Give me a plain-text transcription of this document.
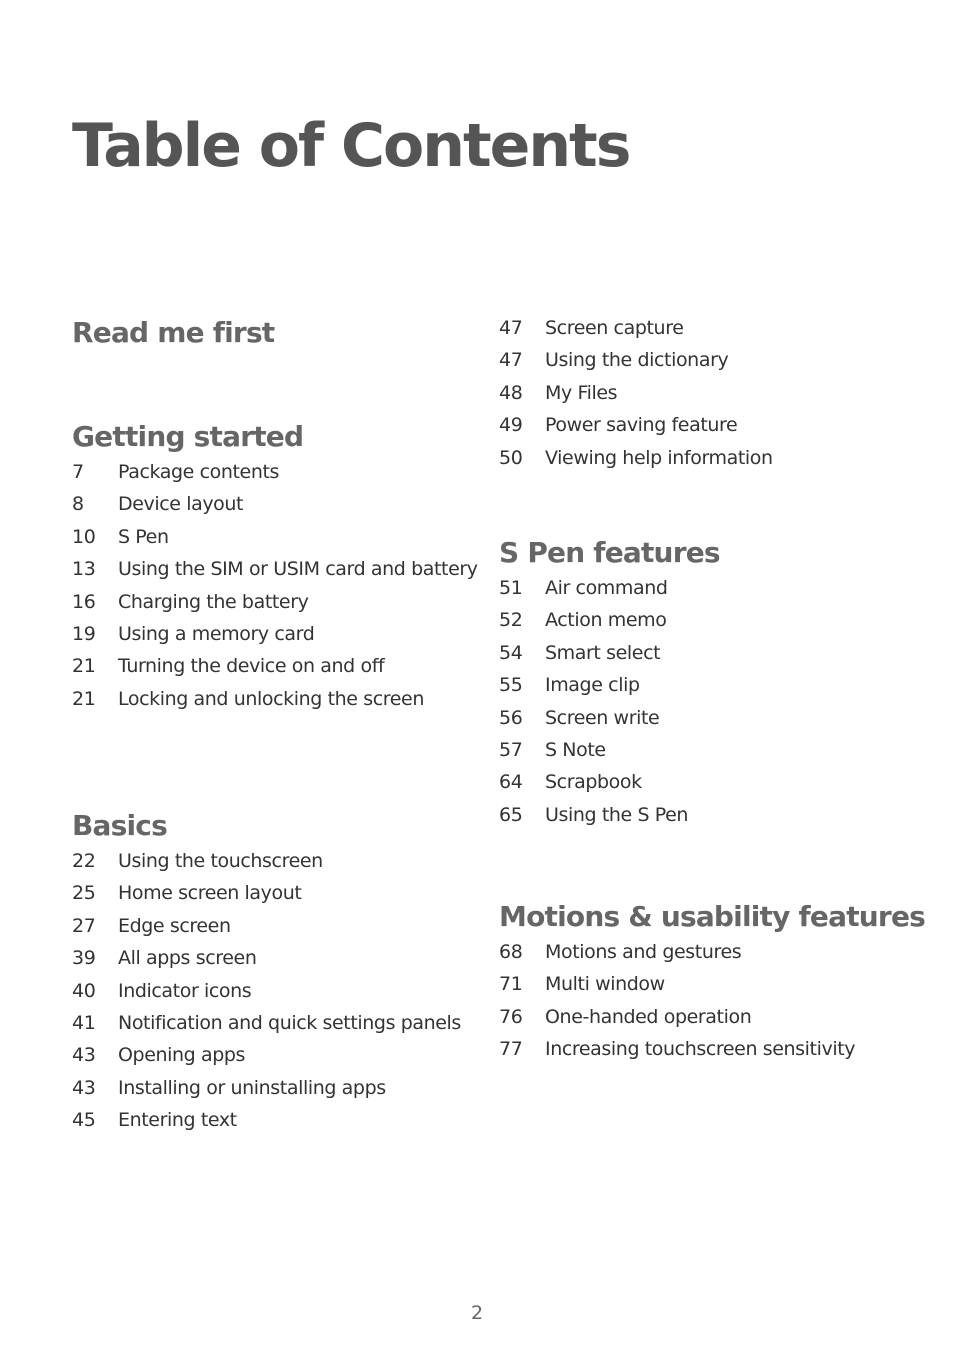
Table of Contents
Read me first
Getting started
7	Package contents
8	Device layout
10	S Pen
13	Using the SIM or USIM card and battery
16	Charging the battery
19	Using a memory card
21	Turning the device on and off
21	Locking and unlocking the screen
Basics
22	Using the touchscreen
25	Home screen layout
27	Edge screen
39	All apps screen
40	Indicator icons
41	Notification and quick settings panels
43	Opening apps
43	Installing or uninstalling apps
45	Entering text
47	Screen capture
47	Using the dictionary
48	My Files
49	Power saving feature
50	Viewing help information
S Pen features
51	Air command
52	Action memo
54	Smart select
55	Image clip
56	Screen write
57	S Note
64	Scrapbook
65	Using the S Pen
Motions & usability features
68	Motions and gestures
71	Multi window
76	One-handed operation
77	Increasing touchscreen sensitivity
2
